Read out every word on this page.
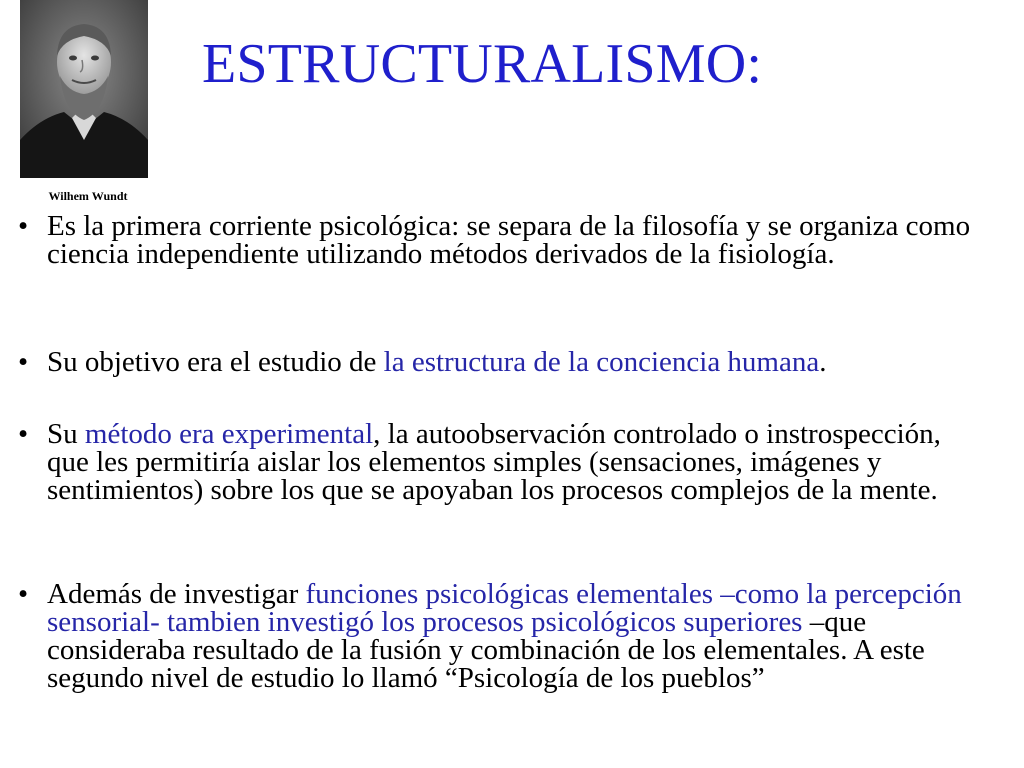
Wilhem Wundt
ESTRUCTURALISMO:
• Es la primera corriente psicológica: se separa de la filosofía y se organiza como ciencia independiente utilizando métodos derivados de la fisiología.
• Su objetivo era el estudio de la estructura de la conciencia humana.
• Su método era experimental, la autoobservación controlado o instrospección, que les permitiría aislar los elementos simples (sensaciones, imágenes y sentimientos) sobre los que se apoyaban los procesos complejos de la mente.
• Además de investigar funciones psicológicas elementales –como la percepción sensorial- tambien investigó los procesos psicológicos superiores –que consideraba resultado de la fusión y combinación de los elementales. A este segundo nivel de estudio lo llamó “Psicología de los pueblos”
